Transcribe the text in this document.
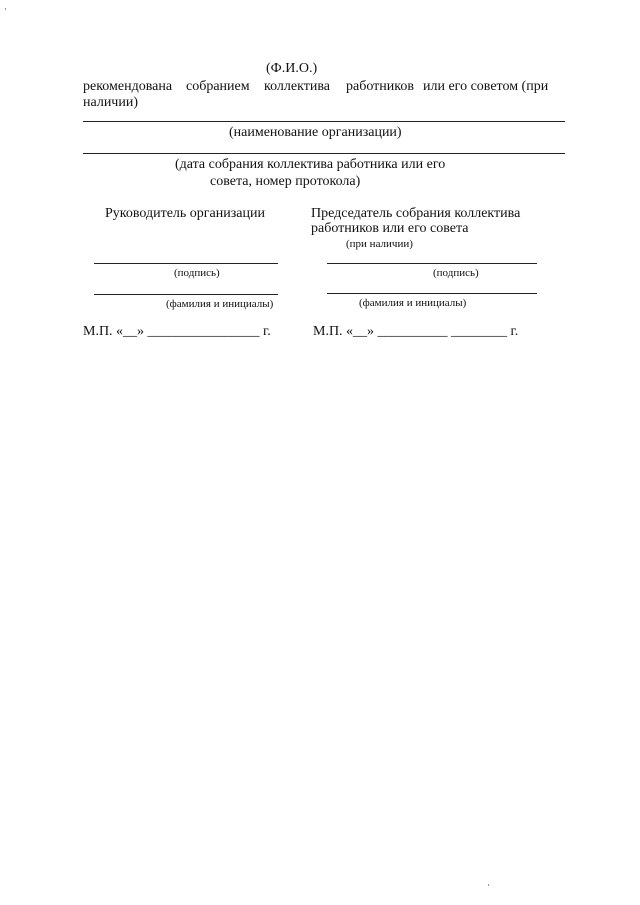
(Ф.И.О.)
рекомендована собранием коллектива работников или его советом (при
наличии)
(наименование организации)
(дата собрания коллектива работника или его
совета, номер протокола)
Руководитель организации
(подпись)
(фамилия и инициалы)
М.П. «__» ________________ г.
Председатель собрания коллектива
работников или его совета
(при наличии)
(подпись)
(фамилия и инициалы)
М.П. «__» __________ ________ г.
